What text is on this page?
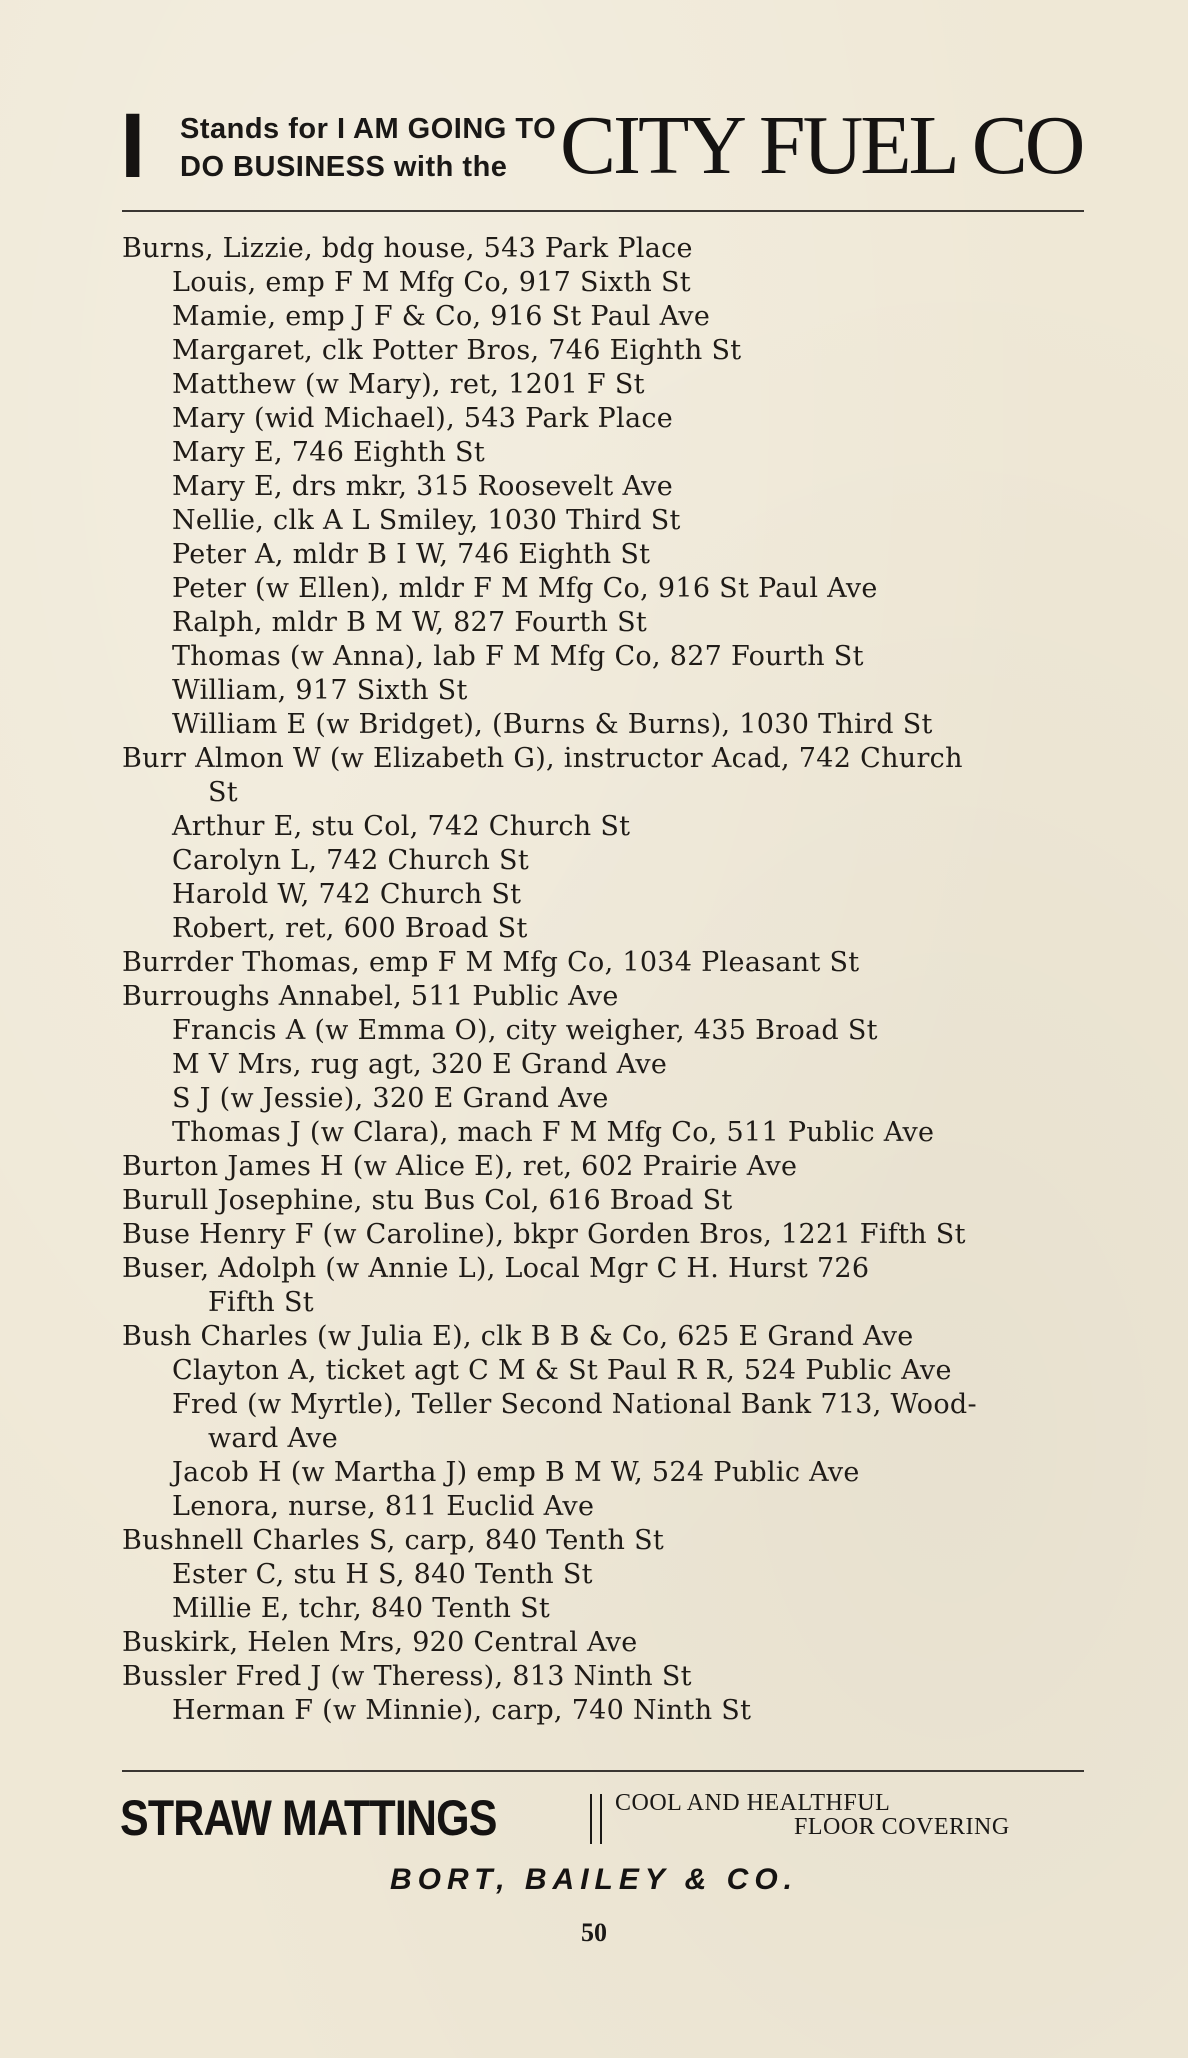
I Stands for I AM GOING TO
DO BUSINESS with the CITY FUEL CO
Burns, Lizzie, bdg house, 543 Park Place
Louis, emp F M Mfg Co, 917 Sixth St
Mamie, emp J F & Co, 916 St Paul Ave
Margaret, clk Potter Bros, 746 Eighth St
Matthew (w Mary), ret, 1201 F St
Mary (wid Michael), 543 Park Place
Mary E, 746 Eighth St
Mary E, drs mkr, 315 Roosevelt Ave
Nellie, clk A L Smiley, 1030 Third St
Peter A, mldr B I W, 746 Eighth St
Peter (w Ellen), mldr F M Mfg Co, 916 St Paul Ave
Ralph, mldr B M W, 827 Fourth St
Thomas (w Anna), lab F M Mfg Co, 827 Fourth St
William, 917 Sixth St
William E (w Bridget), (Burns & Burns), 1030 Third St
Burr Almon W (w Elizabeth G), instructor Acad, 742 Church
St
Arthur E, stu Col, 742 Church St
Carolyn L, 742 Church St
Harold W, 742 Church St
Robert, ret, 600 Broad St
Burrder Thomas, emp F M Mfg Co, 1034 Pleasant St
Burroughs Annabel, 511 Public Ave
Francis A (w Emma O), city weigher, 435 Broad St
M V Mrs, rug agt, 320 E Grand Ave
S J (w Jessie), 320 E Grand Ave
Thomas J (w Clara), mach F M Mfg Co, 511 Public Ave
Burton James H (w Alice E), ret, 602 Prairie Ave
Burull Josephine, stu Bus Col, 616 Broad St
Buse Henry F (w Caroline), bkpr Gorden Bros, 1221 Fifth St
Buser, Adolph (w Annie L), Local Mgr C H. Hurst 726
Fifth St
Bush Charles (w Julia E), clk B B & Co, 625 E Grand Ave
Clayton A, ticket agt C M & St Paul R R, 524 Public Ave
Fred (w Myrtle), Teller Second National Bank 713, Wood-
ward Ave
Jacob H (w Martha J) emp B M W, 524 Public Ave
Lenora, nurse, 811 Euclid Ave
Bushnell Charles S, carp, 840 Tenth St
Ester C, stu H S, 840 Tenth St
Millie E, tchr, 840 Tenth St
Buskirk, Helen Mrs, 920 Central Ave
Bussler Fred J (w Theress), 813 Ninth St
Herman F (w Minnie), carp, 740 Ninth St
STRAW MATTINGS	COOL AND HEALTHFUL
FLOOR COVERING
BORT, BAILEY & CO.
50
